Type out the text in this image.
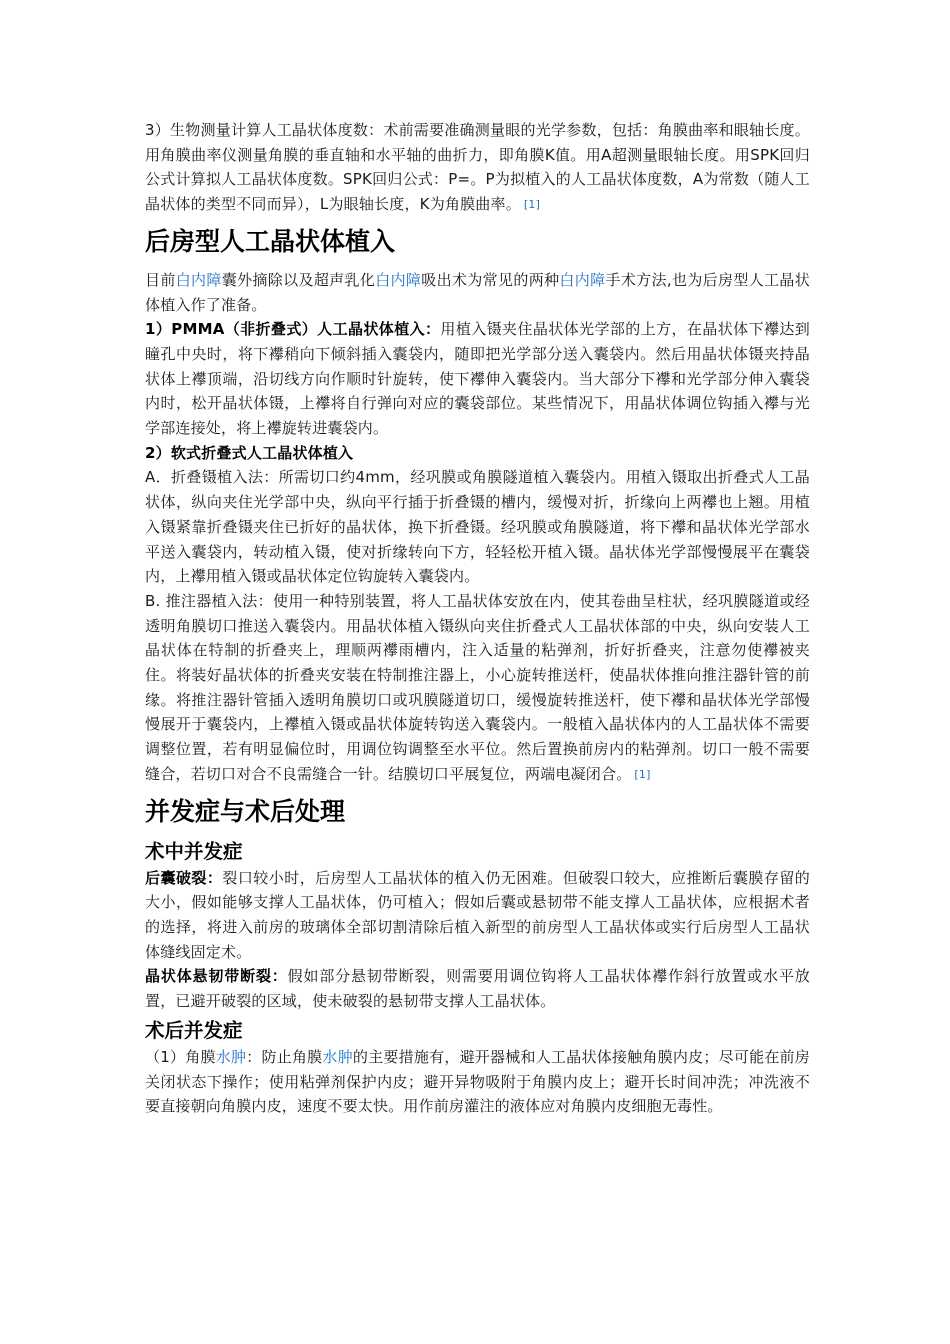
3）生物测量计算人工晶状体度数：术前需要准确测量眼的光学参数，包括：角膜曲率和眼轴长度。用角膜曲率仪测量角膜的垂直轴和水平轴的曲折力，即角膜K值。用A超测量眼轴长度。用SPK回归公式计算拟人工晶状体度数。SPK回归公式：P=。P为拟植入的人工晶状体度数，A为常数（随人工晶状体的类型不同而异），L为眼轴长度，K为角膜曲率。 [1]

后房型人工晶状体植入

目前白内障囊外摘除以及超声乳化白内障吸出术为常见的两种白内障手术方法,也为后房型人工晶状体植入作了准备。

1）PMMA（非折叠式）人工晶状体植入：用植入镊夹住晶状体光学部的上方，在晶状体下襻达到瞳孔中央时，将下襻稍向下倾斜插入囊袋内，随即把光学部分送入囊袋内。然后用晶状体镊夹持晶状体上襻顶端，沿切线方向作顺时针旋转，使下襻伸入囊袋内。当大部分下襻和光学部分伸入囊袋内时，松开晶状体镊，上襻将自行弹向对应的囊袋部位。某些情况下，用晶状体调位钩插入襻与光学部连接处，将上襻旋转进囊袋内。

2）软式折叠式人工晶状体植入

A．折叠镊植入法：所需切口约4mm，经巩膜或角膜隧道植入囊袋内。用植入镊取出折叠式人工晶状体，纵向夹住光学部中央，纵向平行插于折叠镊的槽内，缓慢对折，折缘向上两襻也上翘。用植入镊紧靠折叠镊夹住已折好的晶状体，换下折叠镊。经巩膜或角膜隧道，将下襻和晶状体光学部水平送入囊袋内，转动植入镊，使对折缘转向下方，轻轻松开植入镊。晶状体光学部慢慢展平在囊袋内，上襻用植入镊或晶状体定位钩旋转入囊袋内。

B. 推注器植入法：使用一种特别装置，将人工晶状体安放在内，使其卷曲呈柱状，经巩膜隧道或经透明角膜切口推送入囊袋内。用晶状体植入镊纵向夹住折叠式人工晶状体部的中央，纵向安装人工晶状体在特制的折叠夹上，理顺两襻雨槽内，注入适量的粘弹剂，折好折叠夹，注意勿使襻被夹住。将装好晶状体的折叠夹安装在特制推注器上，小心旋转推送杆，使晶状体推向推注器针管的前缘。将推注器针管插入透明角膜切口或巩膜隧道切口，缓慢旋转推送杆，使下襻和晶状体光学部慢慢展开于囊袋内，上襻植入镊或晶状体旋转钩送入囊袋内。一般植入晶状体内的人工晶状体不需要调整位置，若有明显偏位时，用调位钩调整至水平位。然后置换前房内的粘弹剂。切口一般不需要缝合，若切口对合不良需缝合一针。结膜切口平展复位，两端电凝闭合。 [1]

并发症与术后处理
术中并发症

后囊破裂：裂口较小时，后房型人工晶状体的植入仍无困难。但破裂口较大，应推断后囊膜存留的大小，假如能够支撑人工晶状体，仍可植入；假如后囊或悬韧带不能支撑人工晶状体，应根据术者的选择，将进入前房的玻璃体全部切割清除后植入新型的前房型人工晶状体或实行后房型人工晶状体缝线固定术。

晶状体悬韧带断裂：假如部分悬韧带断裂，则需要用调位钩将人工晶状体襻作斜行放置或水平放置，已避开破裂的区域，使未破裂的悬韧带支撑人工晶状体。

术后并发症

（1）角膜水肿：防止角膜水肿的主要措施有，避开器械和人工晶状体接触角膜内皮；尽可能在前房关闭状态下操作；使用粘弹剂保护内皮；避开异物吸附于角膜内皮上；避开长时间冲洗；冲洗液不要直接朝向角膜内皮，速度不要太快。用作前房灌注的液体应对角膜内皮细胞无毒性。
